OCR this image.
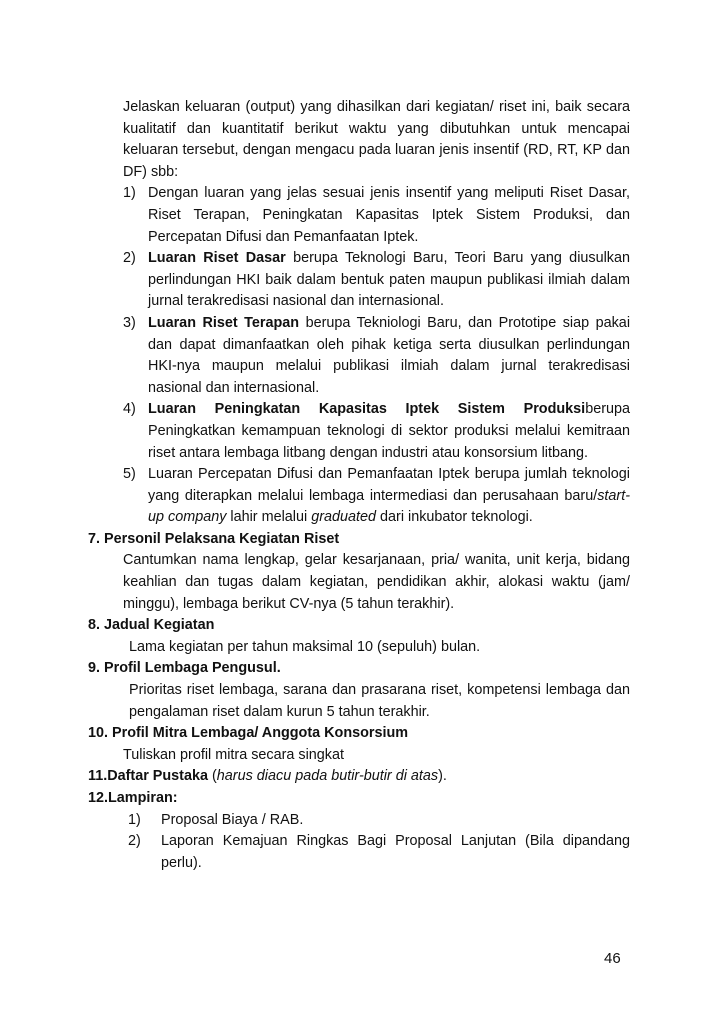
Jelaskan keluaran (output) yang dihasilkan dari kegiatan/ riset ini, baik secara kualitatif dan kuantitatif berikut waktu yang dibutuhkan untuk mencapai keluaran tersebut, dengan mengacu pada luaran jenis insentif (RD, RT, KP dan DF) sbb:
1) Dengan luaran yang jelas sesuai jenis insentif yang meliputi Riset Dasar, Riset Terapan, Peningkatan Kapasitas Iptek Sistem Produksi, dan Percepatan Difusi dan Pemanfaatan Iptek.
2) Luaran Riset Dasar berupa Teknologi Baru, Teori Baru yang diusulkan perlindungan HKI baik dalam bentuk paten maupun publikasi ilmiah dalam jurnal terakredisasi nasional dan internasional.
3) Luaran Riset Terapan berupa Tekniologi Baru, dan Prototipe siap pakai dan dapat dimanfaatkan oleh pihak ketiga serta diusulkan perlindungan HKI-nya maupun melalui publikasi ilmiah dalam jurnal terakredisasi nasional dan internasional.
4) Luaran Peningkatan Kapasitas Iptek Sistem Produksiberupa Peningkatkan kemampuan teknologi di sektor produksi melalui kemitraan riset antara lembaga litbang dengan industri atau konsorsium litbang.
5) Luaran Percepatan Difusi dan Pemanfaatan Iptek berupa jumlah teknologi yang diterapkan melalui lembaga intermediasi dan perusahaan baru/start-up company lahir melalui graduated dari inkubator teknologi.
7. Personil Pelaksana Kegiatan Riset
Cantumkan nama lengkap, gelar kesarjanaan, pria/ wanita, unit kerja, bidang keahlian dan tugas dalam kegiatan, pendidikan akhir, alokasi waktu (jam/ minggu), lembaga berikut CV-nya (5 tahun terakhir).
8. Jadual Kegiatan
Lama kegiatan per tahun maksimal 10 (sepuluh) bulan.
9. Profil Lembaga Pengusul.
Prioritas riset lembaga, sarana dan prasarana riset, kompetensi lembaga dan pengalaman riset dalam kurun 5 tahun terakhir.
10. Profil Mitra Lembaga/ Anggota Konsorsium
Tuliskan profil mitra secara singkat
11.Daftar Pustaka (harus diacu pada butir-butir di atas).
12.Lampiran:
1)	Proposal Biaya / RAB.
2)	Laporan Kemajuan Ringkas Bagi Proposal Lanjutan (Bila dipandang perlu).
46
